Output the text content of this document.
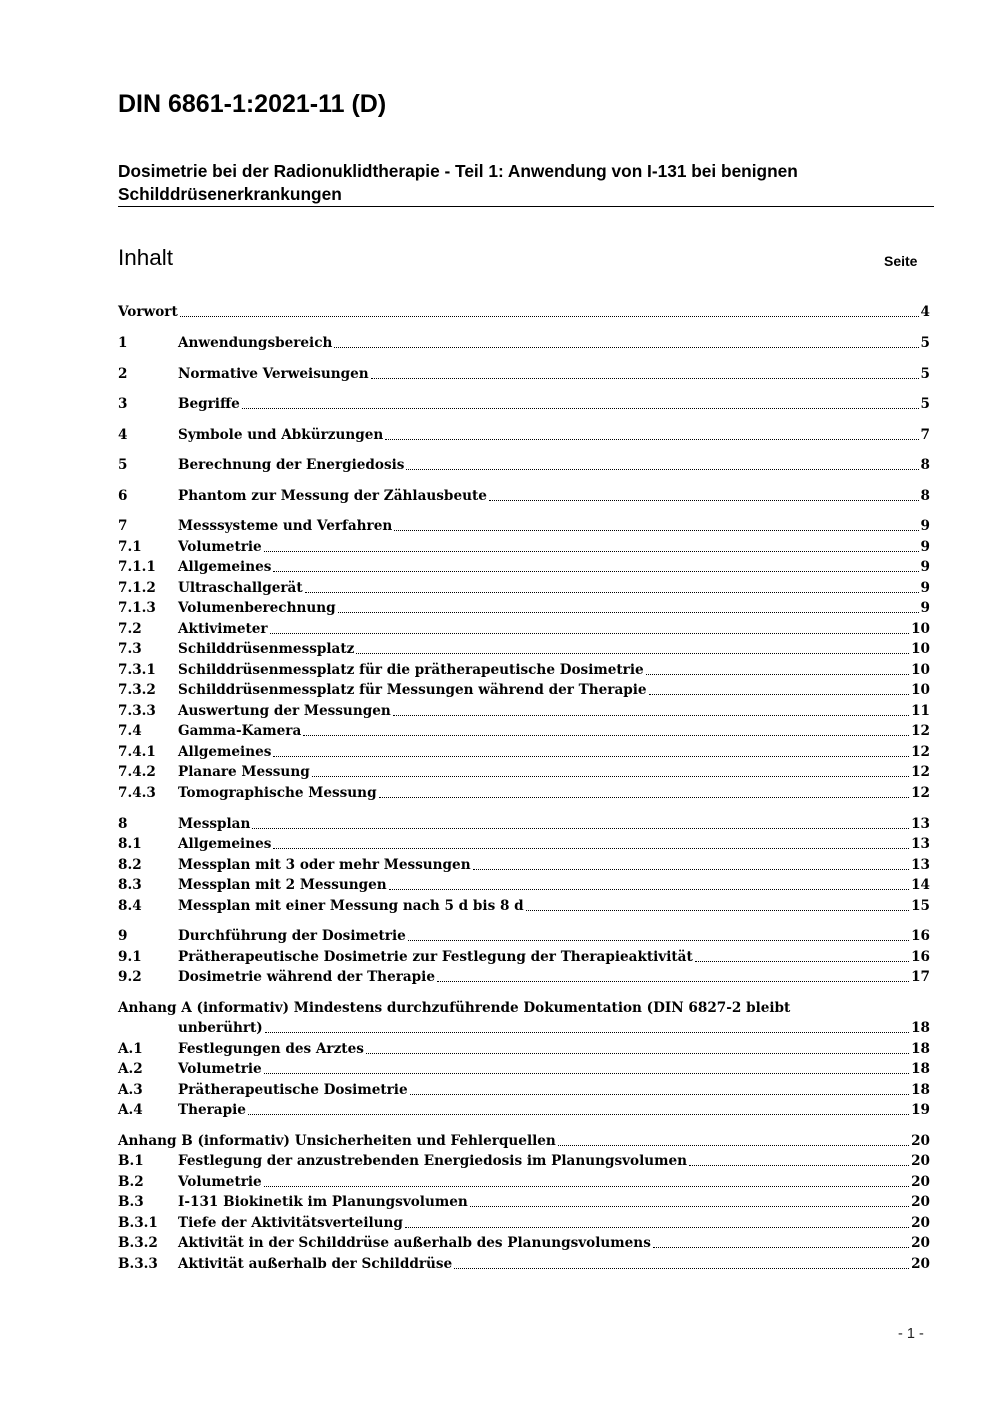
DIN 6861-1:2021-11 (D)
Dosimetrie bei der Radionuklidtherapie - Teil 1: Anwendung von I-131 bei benignen
Schilddrüsenerkrankungen
Inhalt	Seite
Vorwort	4
1	Anwendungsbereich	5
2	Normative Verweisungen	5
3	Begriffe	5
4	Symbole und Abkürzungen	7
5	Berechnung der Energiedosis	8
6	Phantom zur Messung der Zählausbeute	8
7	Messsysteme und Verfahren	9
7.1	Volumetrie	9
7.1.1 Allgemeines	9
7.1.2 Ultraschallgerät	9
7.1.3 Volumenberechnung	9
7.2	Aktivimeter	10
7.3	Schilddrüsenmessplatz	10
7.3.1 Schilddrüsenmessplatz für die prätherapeutische Dosimetrie	10
7.3.2 Schilddrüsenmessplatz für Messungen während der Therapie	10
7.3.3 Auswertung der Messungen	11
7.4	Gamma-Kamera	12
7.4.1 Allgemeines	12
7.4.2 Planare Messung	12
7.4.3 Tomographische Messung	12
8	Messplan	13
8.1	Allgemeines	13
8.2	Messplan mit 3 oder mehr Messungen	13
8.3	Messplan mit 2 Messungen	14
8.4	Messplan mit einer Messung nach 5 d bis 8 d	15
9	Durchführung der Dosimetrie	16
9.1	Prätherapeutische Dosimetrie zur Festlegung der Therapieaktivität	16
9.2	Dosimetrie während der Therapie	17
Anhang A (informativ) Mindestens durchzuführende Dokumentation (DIN 6827-2 bleibt
unberührt)	18
A.1	Festlegungen des Arztes	18
A.2	Volumetrie	18
A.3	Prätherapeutische Dosimetrie	18
A.4	Therapie	19
Anhang B (informativ) Unsicherheiten und Fehlerquellen	20
B.1	Festlegung der anzustrebenden Energiedosis im Planungsvolumen	20
B.2	Volumetrie	20
B.3	I-131 Biokinetik im Planungsvolumen	20
B.3.1 Tiefe der Aktivitätsverteilung	20
B.3.2 Aktivität in der Schilddrüse außerhalb des Planungsvolumens	20
B.3.3 Aktivität außerhalb der Schilddrüse	20
- 1 -
